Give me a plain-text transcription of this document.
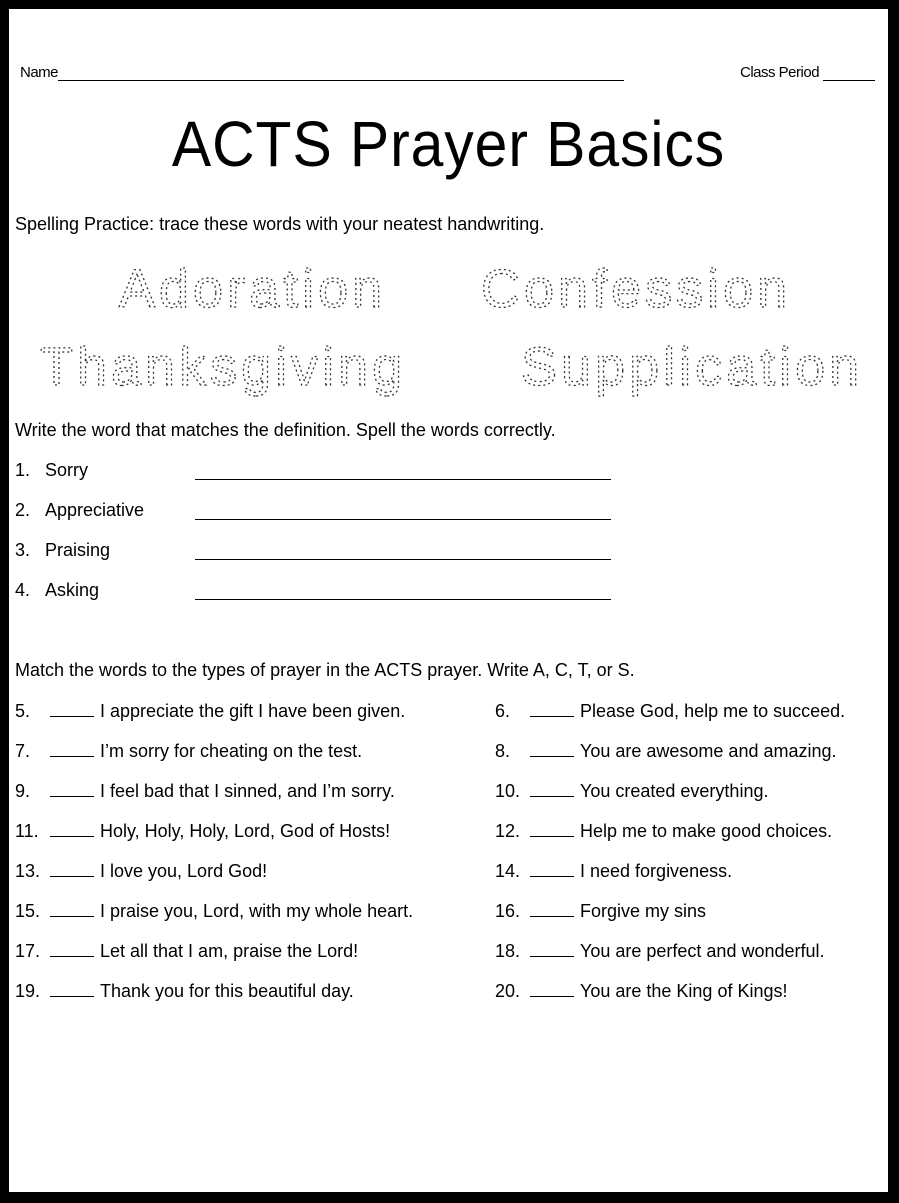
Name	Class Period
ACTS Prayer Basics
Spelling Practice: trace these words with your neatest handwriting.
Adoration Confession
Thanksgiving Supplication
Write the word that matches the definition. Spell the words correctly.
1. Sorry
2. Appreciative
3. Praising
4. Asking
Match the words to the types of prayer in the ACTS prayer. Write A, C, T, or S.
5.	I appreciate the gift I have been given.
7.	I’m sorry for cheating on the test.
9.	I feel bad that I sinned, and I’m sorry.
11.	Holy, Holy, Holy, Lord, God of Hosts!
13.	I love you, Lord God!
15.	I praise you, Lord, with my whole heart.
17.	Let all that I am, praise the Lord!
19.	Thank you for this beautiful day.
6.	Please God, help me to succeed.
8.	You are awesome and amazing.
10.	You created everything.
12.	Help me to make good choices.
14.	I need forgiveness.
16.	Forgive my sins
18.	You are perfect and wonderful.
20.	You are the King of Kings!
